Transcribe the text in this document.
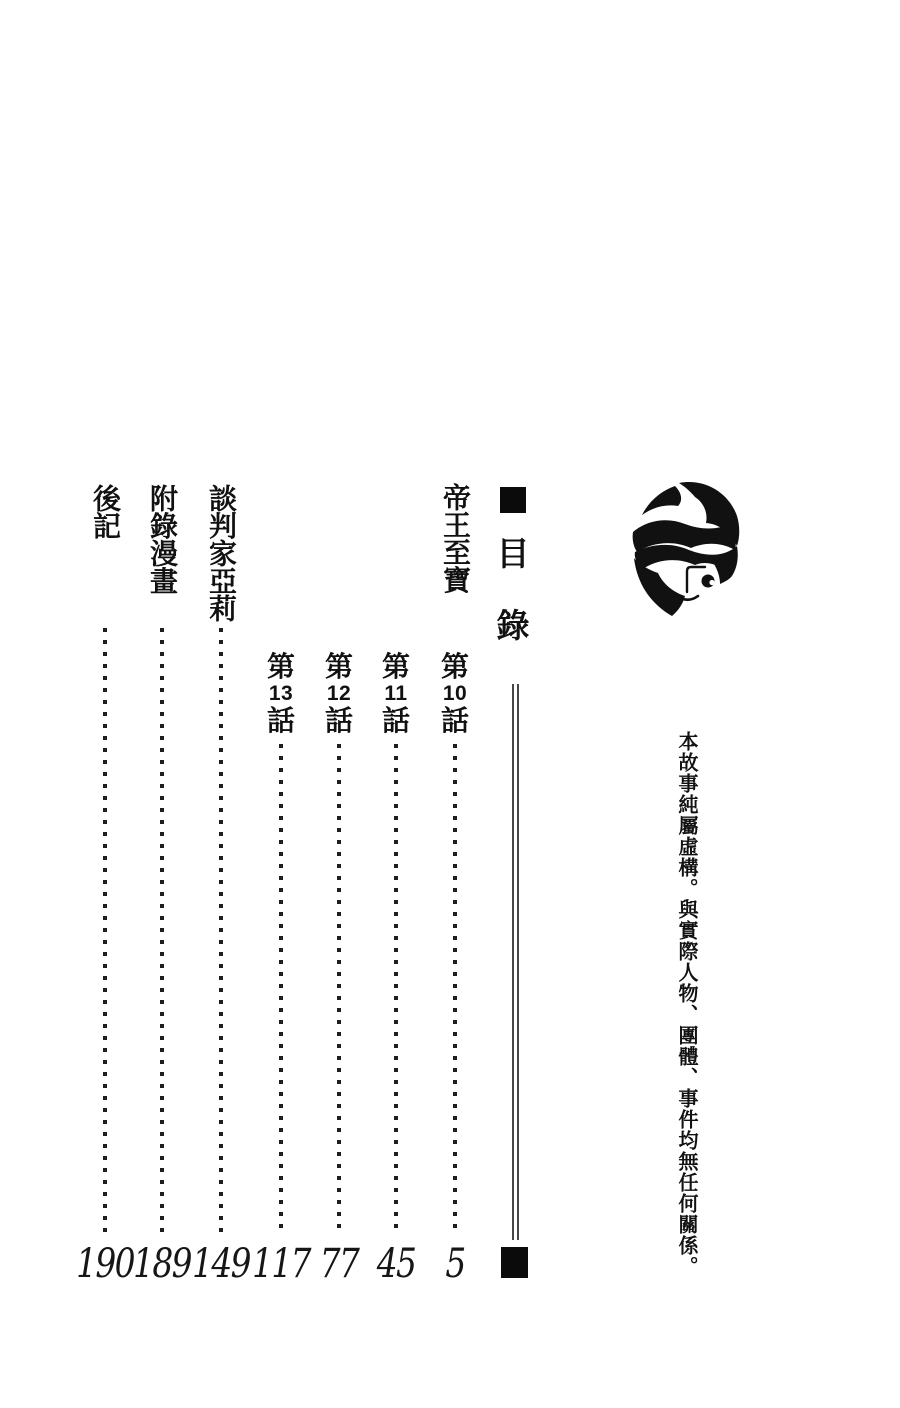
目
錄
帝王至寶
第
10
話
第
11
話
第
12
話
第
13
話
談判家亞莉
附錄漫畫
後記
5
45
77
117
149
189
190	本故事純屬虛構。與實際人物、團體、事件均無任何關係。
